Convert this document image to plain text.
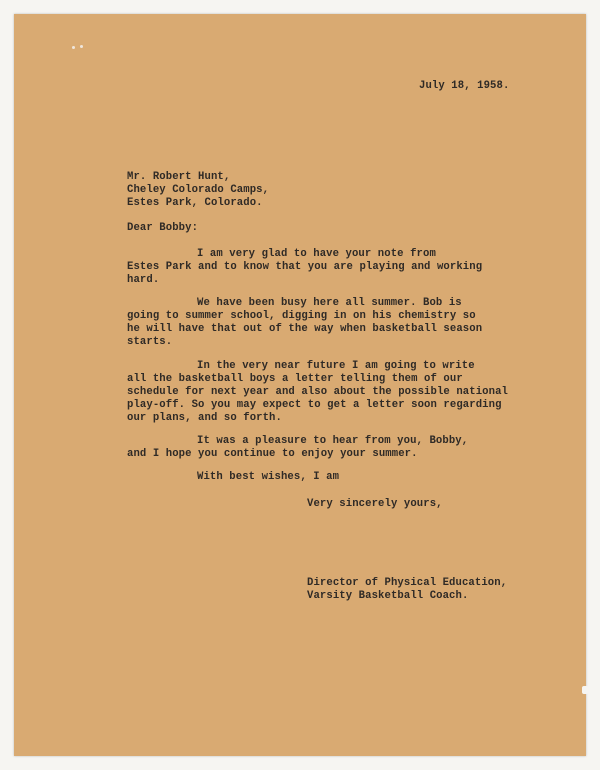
July 18, 1958.
Mr. Robert Hunt,
Cheley Colorado Camps,
Estes Park, Colorado.
Dear Bobby:
I am very glad to have your note from
Estes Park and to know that you are playing and working
hard.
We have been busy here all summer. Bob is
going to summer school, digging in on his chemistry so
he will have that out of the way when basketball season
starts.
In the very near future I am going to write
all the basketball boys a letter telling them of our
schedule for next year and also about the possible national
play-off. So you may expect to get a letter soon regarding
our plans, and so forth.
It was a pleasure to hear from you, Bobby,
and I hope you continue to enjoy your summer.
With best wishes, I am
Very sincerely yours,
Director of Physical Education,
Varsity Basketball Coach.
